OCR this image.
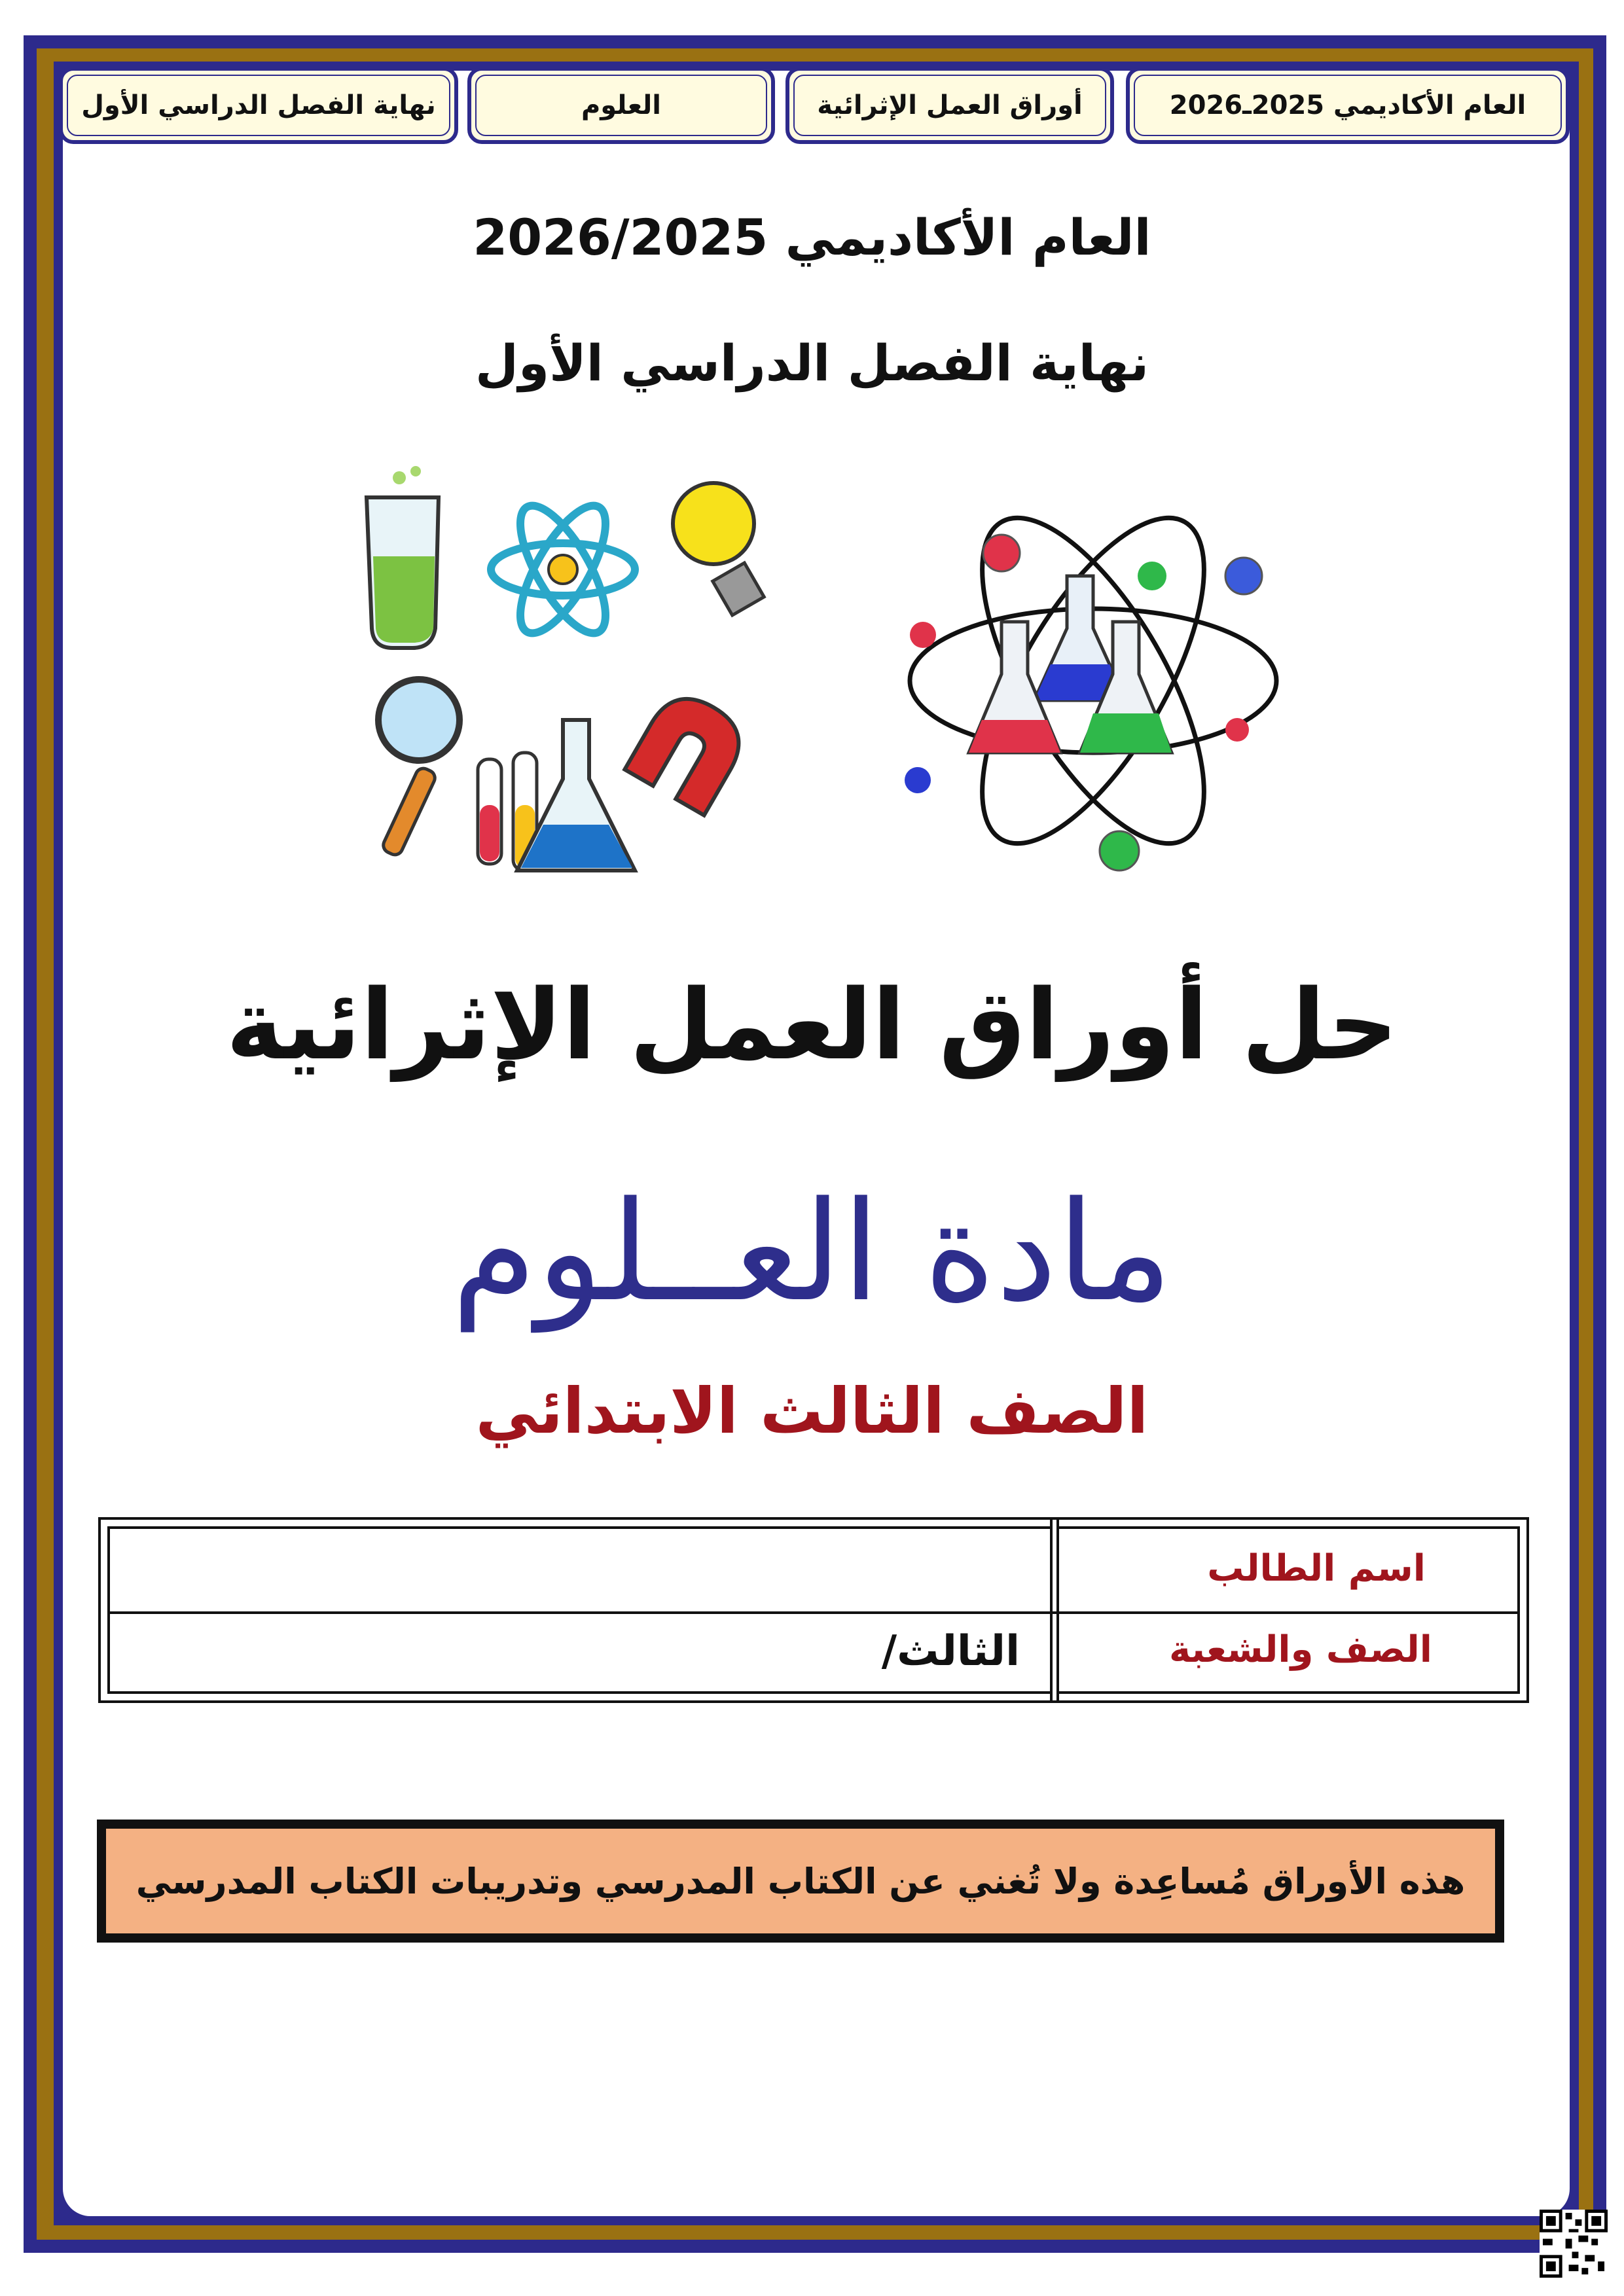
العام الأكاديمي 2025ـ2026
أوراق العمل الإثرائية
العلوم
نهاية الفصل الدراسي الأول
العام الأكاديمي 2026/2025
نهاية الفصل الدراسي الأول
حل أوراق العمل الإثرائية
مادة العــلوم
الصف الثالث الابتدائي
اسم الطالب
الصف والشعبة
الثالث/
هذه الأوراق مُساعِدة ولا تُغني عن الكتاب المدرسي وتدريبات الكتاب المدرسي
